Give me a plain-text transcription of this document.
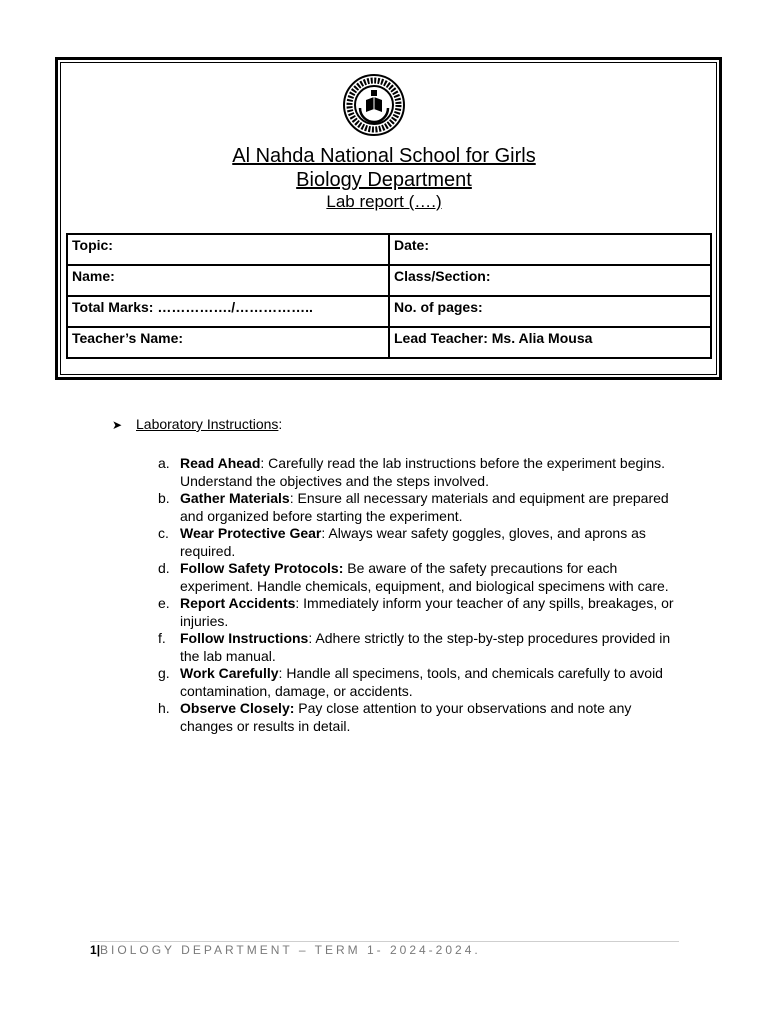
Al Nahda National School for Girls
Biology Department
Lab report (….)
Topic:	Date:
Name:	Class/Section:
Total Marks: ……………./……………..	No. of pages:
Teacher’s Name:	Lead Teacher: Ms. Alia Mousa
➤ Laboratory Instructions:
a. Read Ahead: Carefully read the lab instructions before the experiment begins. Understand the objectives and the steps involved.
b. Gather Materials: Ensure all necessary materials and equipment are prepared and organized before starting the experiment.
c. Wear Protective Gear: Always wear safety goggles, gloves, and aprons as required.
d. Follow Safety Protocols: Be aware of the safety precautions for each experiment. Handle chemicals, equipment, and biological specimens with care.
e. Report Accidents: Immediately inform your teacher of any spills, breakages, or injuries.
f.	Follow Instructions: Adhere strictly to the step-by-step procedures provided in the lab manual.
g. Work Carefully: Handle all specimens, tools, and chemicals carefully to avoid contamination, damage, or accidents.
h. Observe Closely: Pay close attention to your observations and note any changes or results in detail.
1|BIOLOGY DEPARTMENT – TERM 1- 2024-2024.
